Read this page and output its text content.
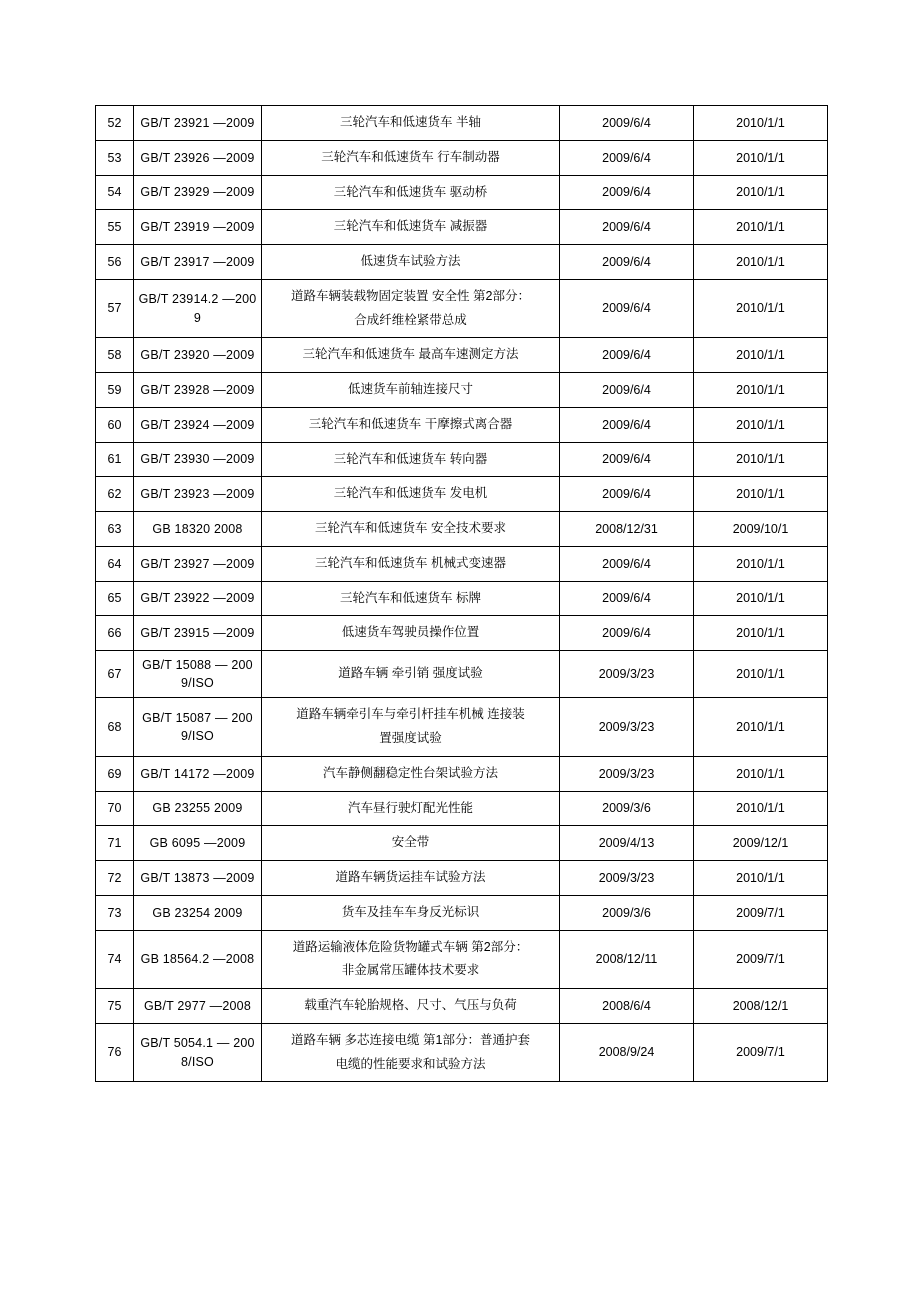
52	GB/T 23921 —2009	三轮汽车和低速货车 半轴	2009/6/4	2010/1/1
53	GB/T 23926 —2009	三轮汽车和低速货车 行车制动器	2009/6/4	2010/1/1
54	GB/T 23929 —2009	三轮汽车和低速货车 驱动桥	2009/6/4	2010/1/1
55	GB/T 23919 —2009	三轮汽车和低速货车 减振器	2009/6/4	2010/1/1
56	GB/T 23917 —2009	低速货车试验方法	2009/6/4	2010/1/1
57	GB/T 23914.2 —2009	道路车辆装载物固定装置 安全性 第2部分：
合成纤维栓紧带总成	2009/6/4	2010/1/1
58	GB/T 23920 —2009	三轮汽车和低速货车 最高车速测定方法	2009/6/4	2010/1/1
59	GB/T 23928 —2009	低速货车前轴连接尺寸	2009/6/4	2010/1/1
60	GB/T 23924 —2009	三轮汽车和低速货车 干摩擦式离合器	2009/6/4	2010/1/1
61	GB/T 23930 —2009	三轮汽车和低速货车 转向器	2009/6/4	2010/1/1
62	GB/T 23923 —2009	三轮汽车和低速货车 发电机	2009/6/4	2010/1/1
63	GB 18320 2008	三轮汽车和低速货车 安全技术要求	2008/12/31	2009/10/1
64	GB/T 23927 —2009	三轮汽车和低速货车 机械式变速器	2009/6/4	2010/1/1
65	GB/T 23922 —2009	三轮汽车和低速货车 标牌	2009/6/4	2010/1/1
66	GB/T 23915 —2009	低速货车驾驶员操作位置	2009/6/4	2010/1/1
67	GB/T 15088 — 2009/ISO	道路车辆 牵引销 强度试验	2009/3/23	2010/1/1
68	GB/T 15087 — 2009/ISO	道路车辆牵引车与牵引杆挂车机械 连接装
置强度试验	2009/3/23	2010/1/1
69	GB/T 14172 —2009	汽车静侧翻稳定性台架试验方法	2009/3/23	2010/1/1
70	GB 23255 2009	汽车昼行驶灯配光性能	2009/3/6	2010/1/1
71	GB 6095 —2009	安全带	2009/4/13	2009/12/1
72	GB/T 13873 —2009	道路车辆货运挂车试验方法	2009/3/23	2010/1/1
73	GB 23254 2009	货车及挂车车身反光标识	2009/3/6	2009/7/1
74	GB 18564.2 —2008	道路运输液体危险货物罐式车辆 第2部分：
非金属常压罐体技术要求	2008/12/11	2009/7/1
75	GB/T 2977 —2008	载重汽车轮胎规格、尺寸、气压与负荷	2008/6/4	2008/12/1
76	GB/T 5054.1 — 2008/ISO	道路车辆 多芯连接电缆 第1部分：普通护套
电缆的性能要求和试验方法	2008/9/24	2009/7/1
